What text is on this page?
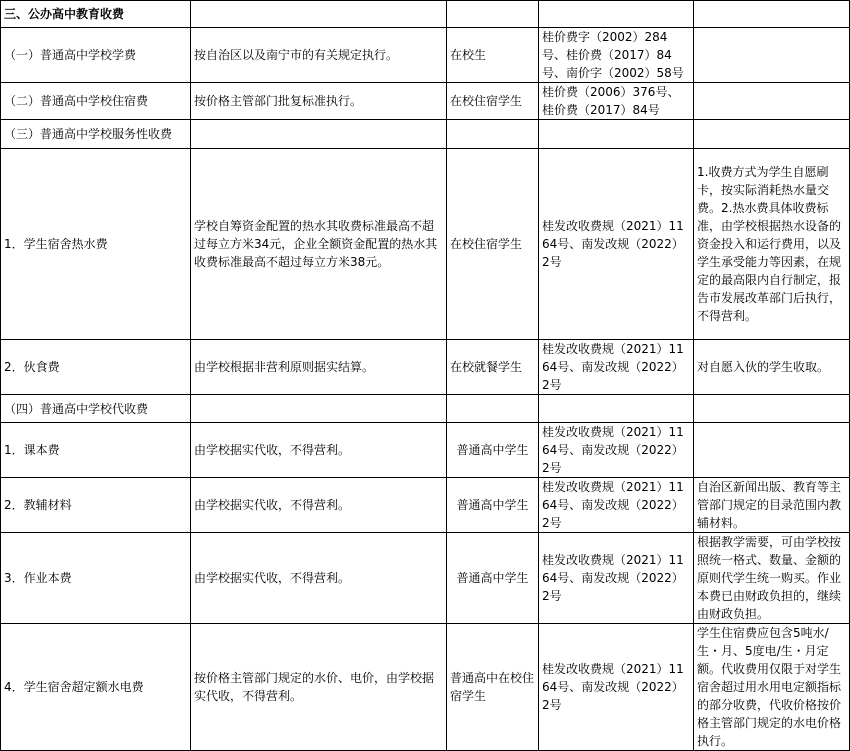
三、公办高中教育收费				
（一）普通高中学校学费	按自治区以及南宁市的有关规定执行。	在校生	桂价费字（2002）284号、桂价费（2017）84号、南价字（2002）58号	
（二）普通高中学校住宿费	按价格主管部门批复标准执行。	在校住宿学生	桂价费（2006）376号、桂价费（2017）84号	
（三）普通高中学校服务性收费				
1．学生宿舍热水费	学校自筹资金配置的热水其收费标准最高不超过每立方米34元，企业全额资金配置的热水其收费标准最高不超过每立方米38元。	在校住宿学生	桂发改收费规（2021）1164号、南发改规（2022）2号	1.收费方式为学生自愿刷卡，按实际消耗热水量交费。2.热水费具体收费标准，由学校根据热水设备的资金投入和运行费用，以及学生承受能力等因素，在规定的最高限内自行制定，报告市发展改革部门后执行，不得营利。
2．伙食费	由学校根据非营利原则据实结算。	在校就餐学生	桂发改收费规（2021）1164号、南发改规（2022）2号	对自愿入伙的学生收取。
（四）普通高中学校代收费				
1．课本费	由学校据实代收，不得营利。	普通高中学生	桂发改收费规（2021）1164号、南发改规（2022）2号	
2．教辅材料	由学校据实代收，不得营利。	普通高中学生	桂发改收费规（2021）1164号、南发改规（2022）2号	自治区新闻出版、教育等主管部门规定的目录范围内教辅材料。
3．作业本费	由学校据实代收，不得营利。	普通高中学生	桂发改收费规（2021）1164号、南发改规（2022）2号	根据教学需要，可由学校按照统一格式、数量、金额的原则代学生统一购买。作业本费已由财政负担的，继续由财政负担。
4．学生宿舍超定额水电费	按价格主管部门规定的水价、电价，由学校据实代收，不得营利。	普通高中在校住宿学生	桂发改收费规（2021）1164号、南发改规（2022）2号	学生住宿费应包含5吨水/生・月、5度电/生・月定额。代收费用仅限于对学生宿舍超过用水用电定额指标的部分收费，代收价格按价格主管部门规定的水电价格执行。
